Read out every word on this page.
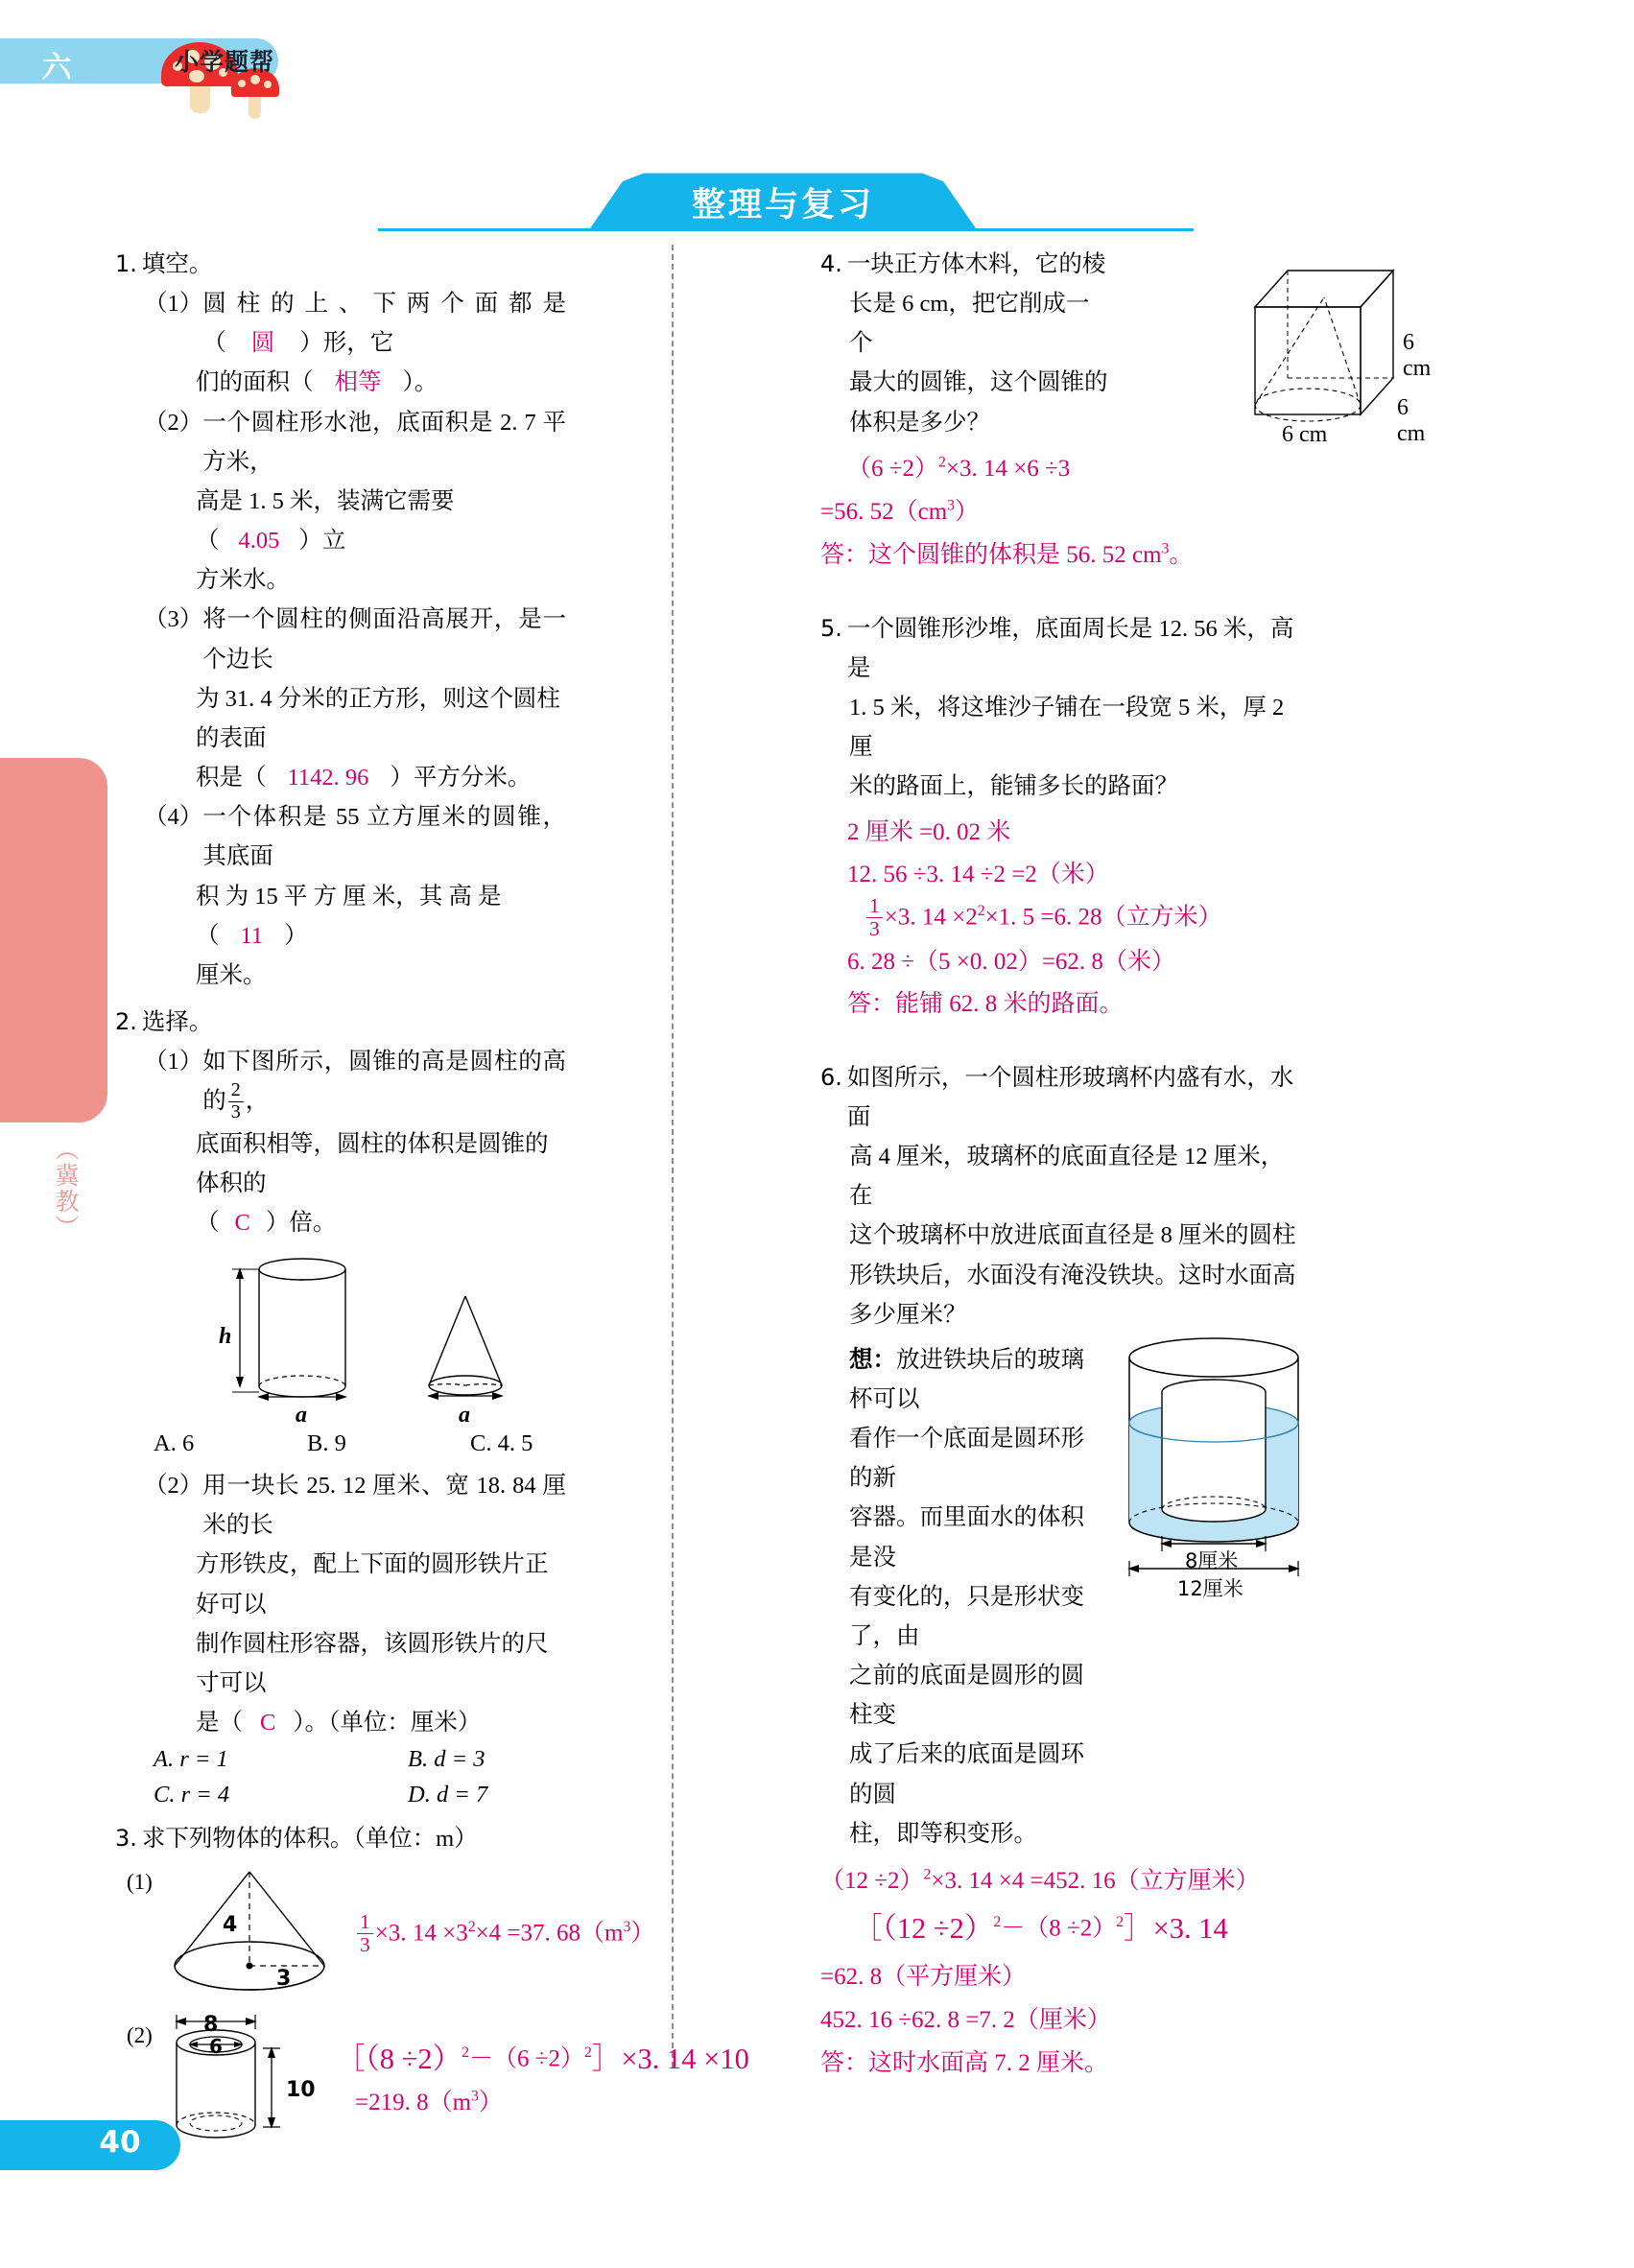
小学题帮
整理与复习
六年级数学 · 下
（冀教）
40
1. 填空。
（1） 圆柱的上、下两个面都是（ 圆 ）形，它
们的面积（ 相等 ）。
（2） 一个圆柱形水池，底面积是 2. 7 平方米，
高是 1. 5 米，装满它需要（ 4.05 ）立
方米水。
（3） 将一个圆柱的侧面沿高展开，是一个边长
为 31. 4 分米的正方形，则这个圆柱的表面
积是（ 1142. 96 ）平方分米。
（4） 一个体积是 55 立方厘米的圆锥，其底面
积 为 15 平 方 厘 米，其 高 是（ 11 ）
厘米。
2. 选择。
（1） 如下图所示，圆锥的高是圆柱的高的 $\frac{2}{3}$ ，
底面积相等，圆柱的体积是圆锥的体积的
（ C ）倍。
h
a	a
A. 6	B. 9	C. 4. 5
（2） 用一块长 25. 12 厘米、宽 18. 84 厘米的长
方形铁皮，配上下面的圆形铁片正好可以
制作圆柱形容器，该圆形铁片的尺寸可以
是（ C ）。（单位：厘米）
A. r = 1	B. d = 3
C. r = 4	D. d = 7
3. 求下列物体的体积。（单位：m）
(1)
4
3
$\frac{1}{3} \times 3$. $14 \times 3^2\times 4 =37$. $68(m^3)$
(2) 8
6
10
［（8 $\div 2)^2-(6 \div 2)^2]\times 3$. 14 ×10
=219. $8(m^3)$
4. 一块正方体木料，它的棱
长是 6 cm，把它削成一个
最大的圆锥，这个圆锥的
体积是多少？
$(6 \div 2)^2\times 3$. 14 ×6 ÷3
=56. $52(cm^3)$
答：这个圆锥的体积是 56. 52 $cm^3$。
5. 一个圆锥形沙堆，底面周长是 12. 56 米，高是
1. 5 米，将这堆沙子铺在一段宽 5 米，厚 2 厘
米的路面上，能铺多长的路面？
2 厘米 =0. 02 米
12. 56 ÷3. 14 ÷2 =2（米）
$\frac{1}{3} \times 3$. $14 \times 2^2\times 1$. 5 =6. 28（立方米）
6. 28 ÷（5 ×0. 02）=62. 8（米）
答：能铺 62. 8 米的路面。
6. 如图所示，一个圆柱形玻璃杯内盛有水，水面
高 4 厘米，玻璃杯的底面直径是 12 厘米，在
这个玻璃杯中放进底面直径是 8 厘米的圆柱
形铁块后，水面没有淹没铁块。这时水面高
多少厘米？
想：放进铁块后的玻璃杯可以
看作一个底面是圆环形的新
容器。而里面水的体积是没
有变化的，只是形状变了，由
之前的底面是圆形的圆柱变
成了后来的底面是圆环的圆
柱，即等积变形。
8厘米
12厘米
$(12 \div 2)^2\times 3$. 14 ×4 =452. 16（立方厘米）
［（12 $\div 2)^2-(8 \div 2)^2]\times 3$. 14
=62. 8（平方厘米）
452. 16 ÷62. 8 =7. 2（厘米）
答：这时水面高 7. 2 厘米。
6 cm
6 cm
6 cm
